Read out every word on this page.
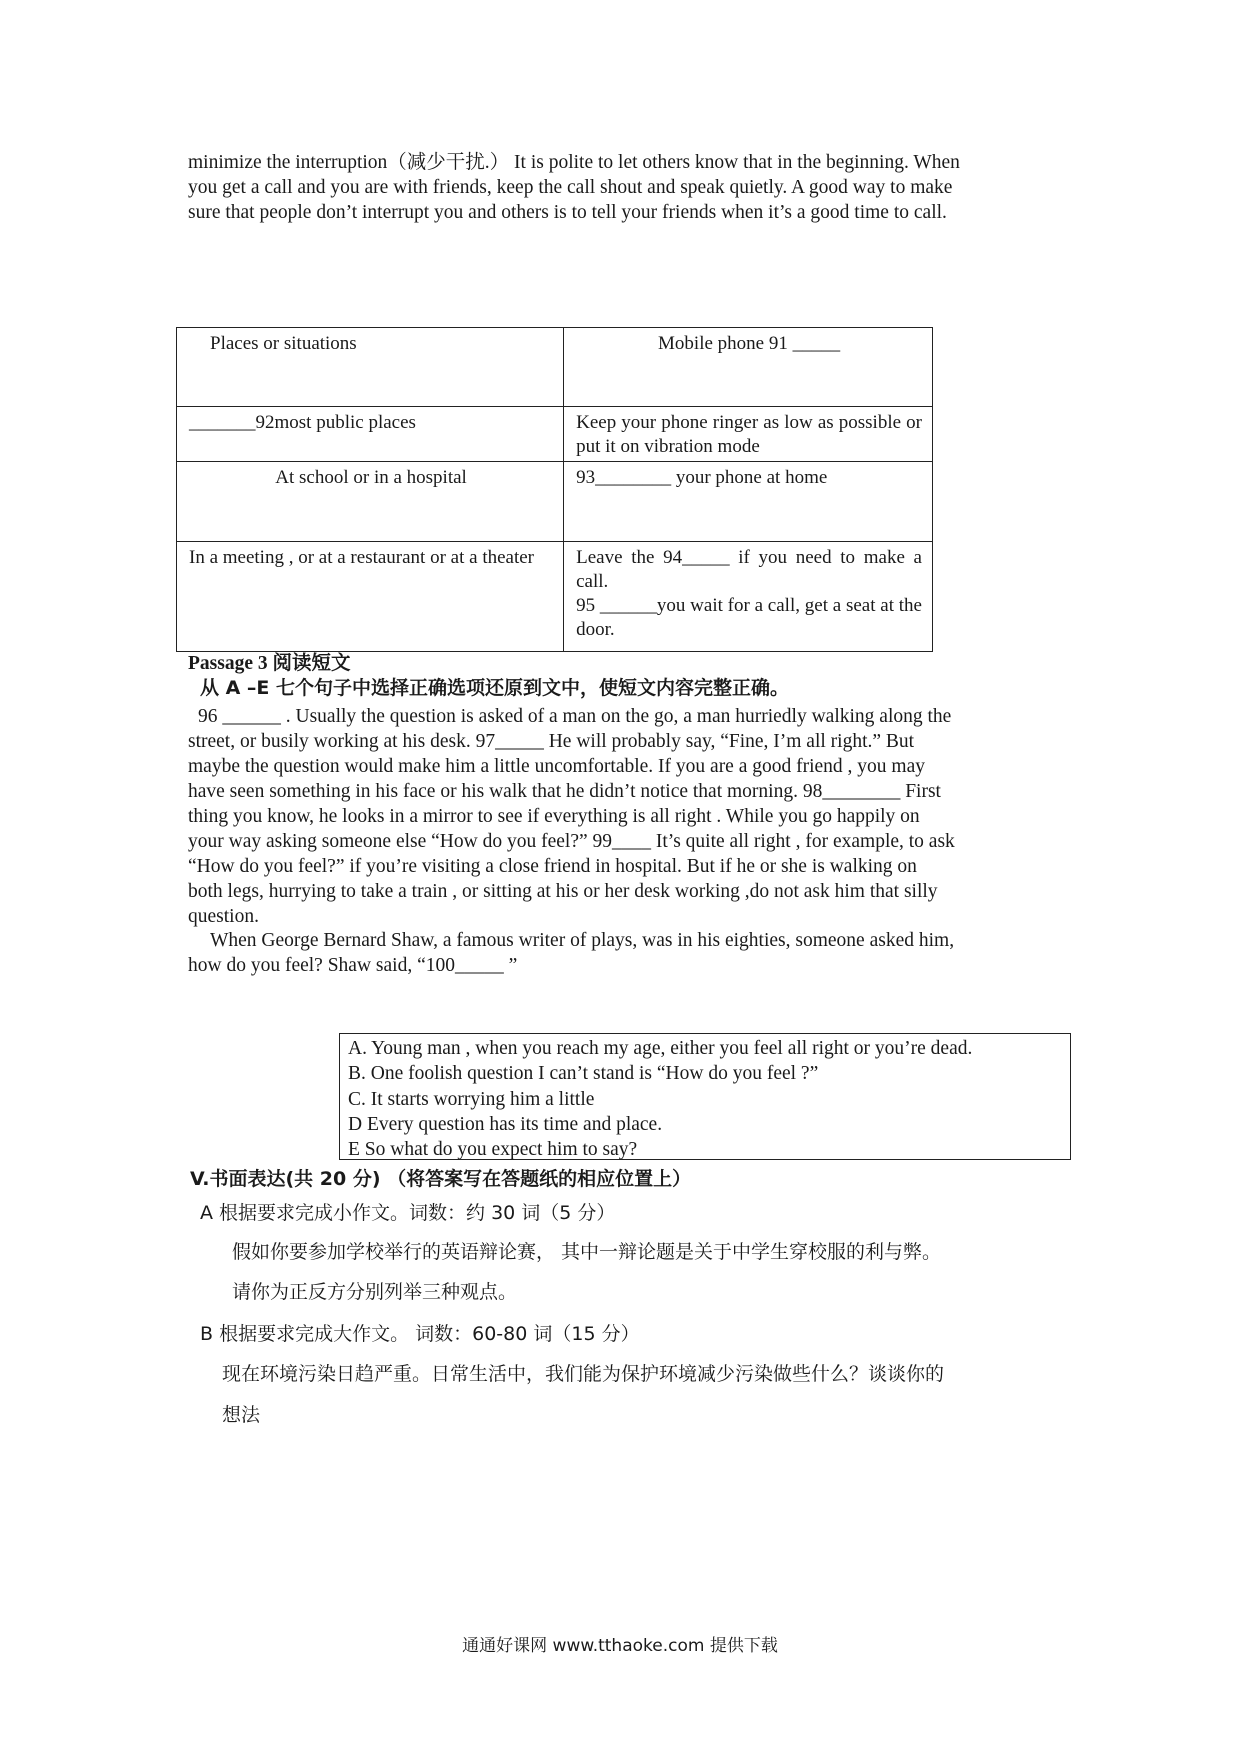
minimize the interruption（减少干扰.） It is polite to let others know that in the beginning. When
you get a call and you are with friends, keep the call shout and speak quietly. A good way to make
sure that people don’t interrupt you and others is to tell your friends when it’s a good time to call.
Places or situations	Mobile phone 91 _____
_______92most public places	Keep your phone ringer as low as possible or put it on vibration mode
At school or in a hospital	93________ your phone at home
In a meeting , or at a restaurant or at a theater	Leave the 94_____ if you need to make a call.
95 ______you wait for a call, get a seat at the door.
Passage 3 阅读短文
从 A –E 七个句子中选择正确选项还原到文中，使短文内容完整正确。
96 ______ . Usually the question is asked of a man on the go, a man hurriedly walking along the
street, or busily working at his desk. 97_____ He will probably say, “Fine, I’m all right.” But
maybe the question would make him a little uncomfortable. If you are a good friend , you may
have seen something in his face or his walk that he didn’t notice that morning. 98________ First
thing you know, he looks in a mirror to see if everything is all right . While you go happily on
your way asking someone else “How do you feel?” 99____ It’s quite all right , for example, to ask
“How do you feel?” if you’re visiting a close friend in hospital. But if he or she is walking on
both legs, hurrying to take a train , or sitting at his or her desk working ,do not ask him that silly
question.
When George Bernard Shaw, a famous writer of plays, was in his eighties, someone asked him,
how do you feel? Shaw said, “100_____ ”
A. Young man , when you reach my age, either you feel all right or you’re dead.
B. One foolish question I can’t stand is “How do you feel ?”
C. It starts worrying him a little
D Every question has its time and place.
E So what do you expect him to say?
V.书面表达(共 20 分) （将答案写在答题纸的相应位置上）
A 根据要求完成小作文。词数：约 30 词（5 分）
假如你要参加学校举行的英语辩论赛， 其中一辩论题是关于中学生穿校服的利与弊。
请你为正反方分别列举三种观点。
B 根据要求完成大作文。 词数：60-80 词（15 分）
现在环境污染日趋严重。日常生活中，我们能为保护环境减少污染做些什么？谈谈你的
想法
通通好课网 www.tthaoke.com 提供下载
